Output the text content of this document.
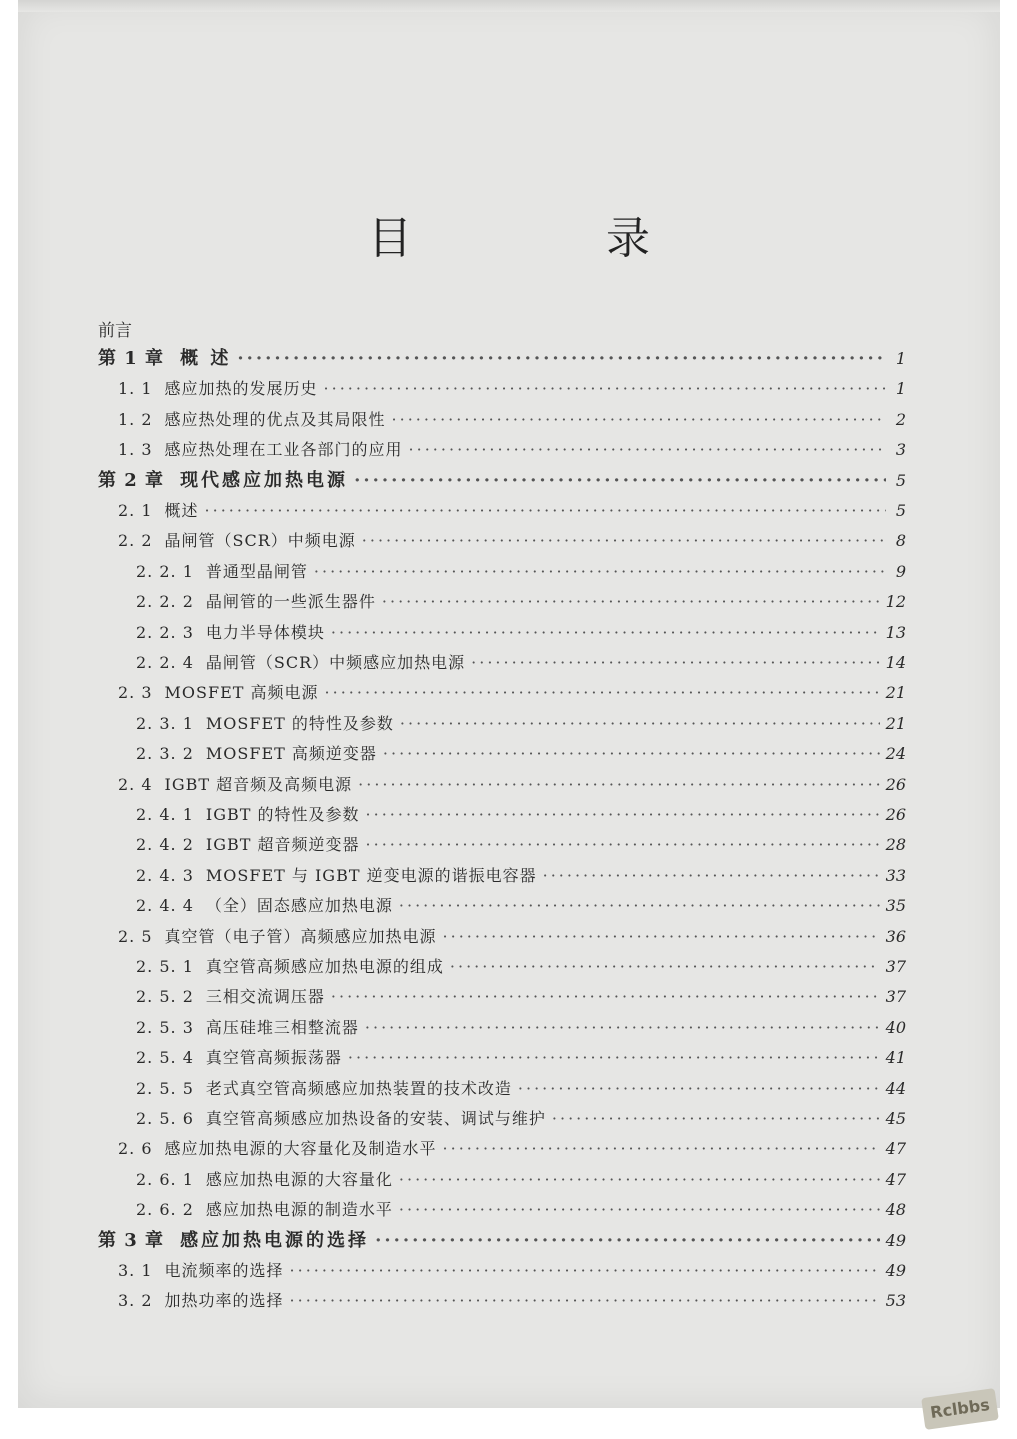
目 录
前言
第 1 章 概 述 ·····	1
1. 1 感应加热的发展历史 ·····	1
1. 2 感应热处理的优点及其局限性 ·····	2
1. 3 感应热处理在工业各部门的应用 ·····	3
第 2 章 现代感应加热电源 ·····	5
2. 1 概述 ·····	5
2. 2 晶闸管（SCR）中频电源 ·····	8
2. 2. 1 普通型晶闸管 ·····	9
2. 2. 2 晶闸管的一些派生器件 ·····	12
2. 2. 3 电力半导体模块 ·····	13
2. 2. 4 晶闸管（SCR）中频感应加热电源 ·····	14
2. 3 MOSFET 高频电源 ·····	21
2. 3. 1 MOSFET 的特性及参数 ·····	21
2. 3. 2 MOSFET 高频逆变器 ·····	24
2. 4 IGBT 超音频及高频电源 ·····	26
2. 4. 1 IGBT 的特性及参数 ·····	26
2. 4. 2 IGBT 超音频逆变器 ·····	28
2. 4. 3 MOSFET 与 IGBT 逆变电源的谐振电容器 ·····	33
2. 4. 4 （全）固态感应加热电源 ·····	35
2. 5 真空管（电子管）高频感应加热电源 ·····	36
2. 5. 1 真空管高频感应加热电源的组成 ·····	37
2. 5. 2 三相交流调压器 ·····	37
2. 5. 3 高压硅堆三相整流器 ·····	40
2. 5. 4 真空管高频振荡器 ·····	41
2. 5. 5 老式真空管高频感应加热装置的技术改造 ·····	44
2. 5. 6 真空管高频感应加热设备的安装、调试与维护 ·····	45
2. 6 感应加热电源的大容量化及制造水平 ·····	47
2. 6. 1 感应加热电源的大容量化 ·····	47
2. 6. 2 感应加热电源的制造水平 ·····	48
第 3 章 感应加热电源的选择 ·····	49
3. 1 电流频率的选择 ·····	49
3. 2 加热功率的选择 ·····	53
Rclbbs
